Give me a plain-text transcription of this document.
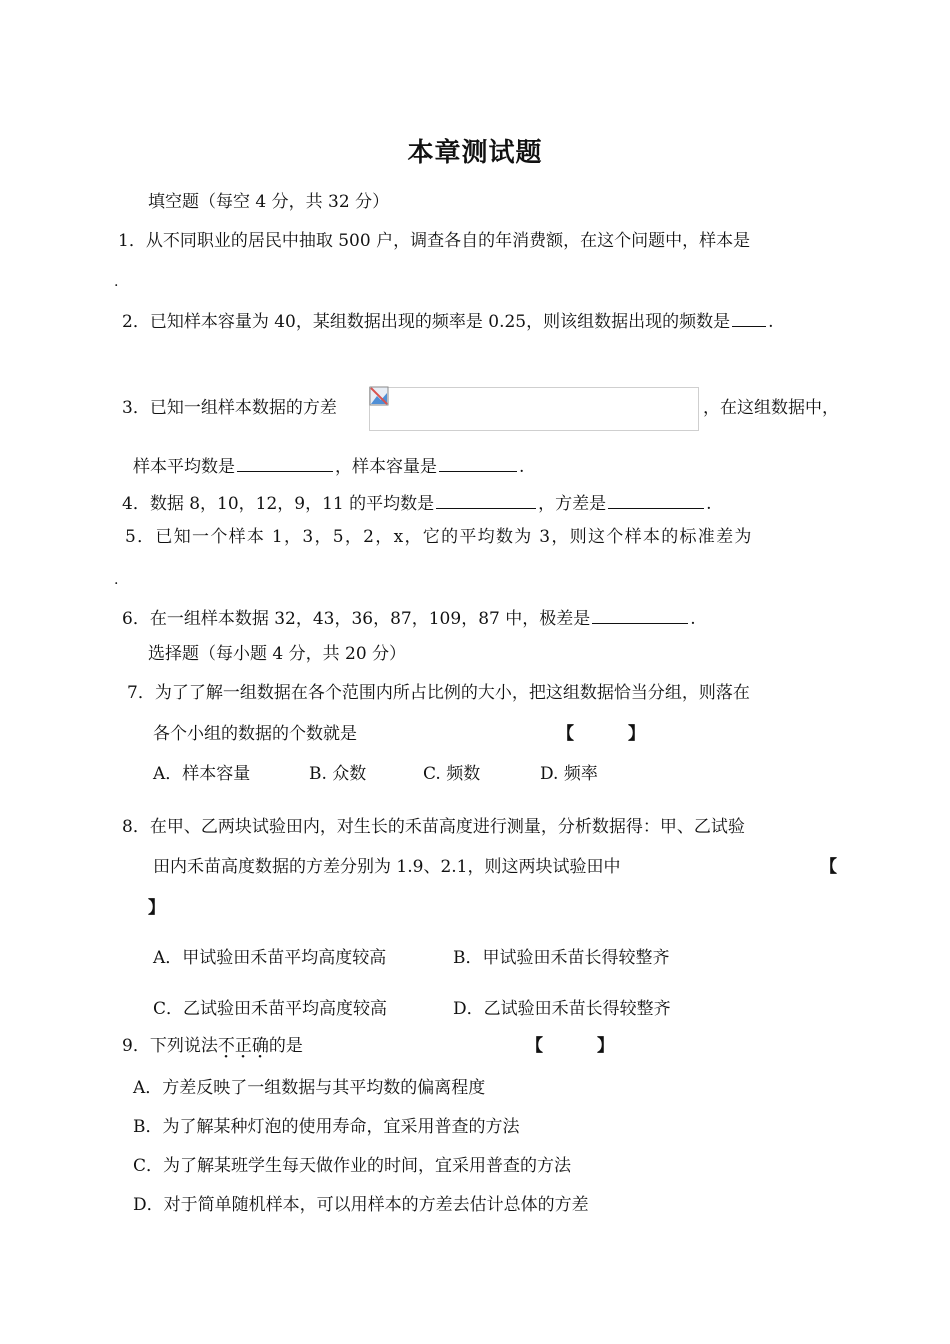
本章测试题
填空题（每空 4 分，共 32 分）
1．从不同职业的居民中抽取 500 户，调查各自的年消费额，在这个问题中，样本是
.
2．已知样本容量为 40，某组数据出现的频率是 0.25，则该组数据出现的频数是 .
3．已知一组样本数据的方差	，在这组数据中，
样本平均数是	，样本容量是	.
4．数据 8，10，12，9，11 的平均数是	，方差是	.
5．已知一个样本 1，3，5，2，x，它的平均数为 3，则这个样本的标准差为
.
6．在一组样本数据 32，43，36，87，109，87 中，极差是	.
选择题（每小题 4 分，共 20 分）
7．为了了解一组数据在各个范围内所占比例的大小，把这组数据恰当分组，则落在
各个小组的数据的个数就是	【	】
A．样本容量	B. 众数	C. 频数	D. 频率
8．在甲、乙两块试验田内，对生长的禾苗高度进行测量，分析数据得：甲、乙试验
田内禾苗高度数据的方差分别为 1.9、2.1，则这两块试验田中	【
】
A．甲试验田禾苗平均高度较高	B．甲试验田禾苗长得较整齐
C．乙试验田禾苗平均高度较高	D．乙试验田禾苗长得较整齐
9．下列说法不正确的是	【	】
A．方差反映了一组数据与其平均数的偏离程度
B．为了解某种灯泡的使用寿命，宜采用普查的方法
C．为了解某班学生每天做作业的时间，宜采用普查的方法
D．对于简单随机样本，可以用样本的方差去估计总体的方差
